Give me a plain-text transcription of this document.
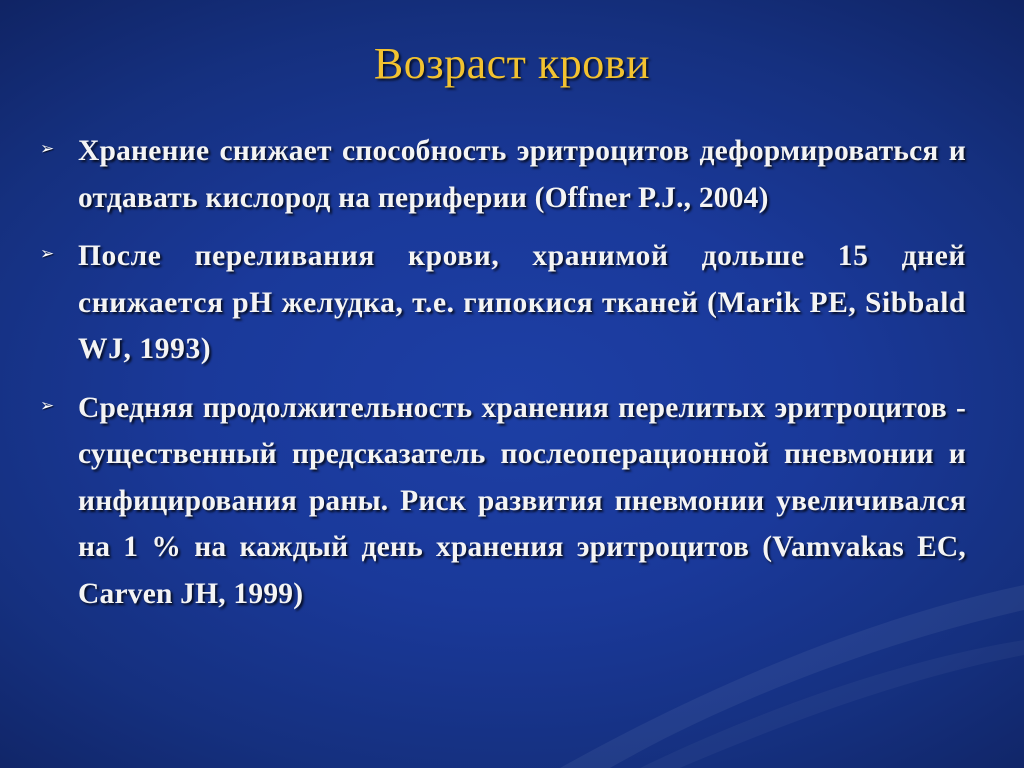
Возраст крови
➢ Хранение снижает способность эритроцитов деформироваться и отдавать кислород на периферии (Offner P.J., 2004)
➢ После переливания крови, хранимой дольше 15 дней снижается pH желудка, т.е. гипокися тканей (Marik PE, Sibbald WJ, 1993)
➢ Средняя продолжительность хранения перелитых эритроцитов - существенный предсказатель послеоперационной пневмонии и инфицирования раны. Риск развития пневмонии увеличивался на 1 % на каждый день хранения эритроцитов (Vamvakas EC, Carven JH, 1999)
